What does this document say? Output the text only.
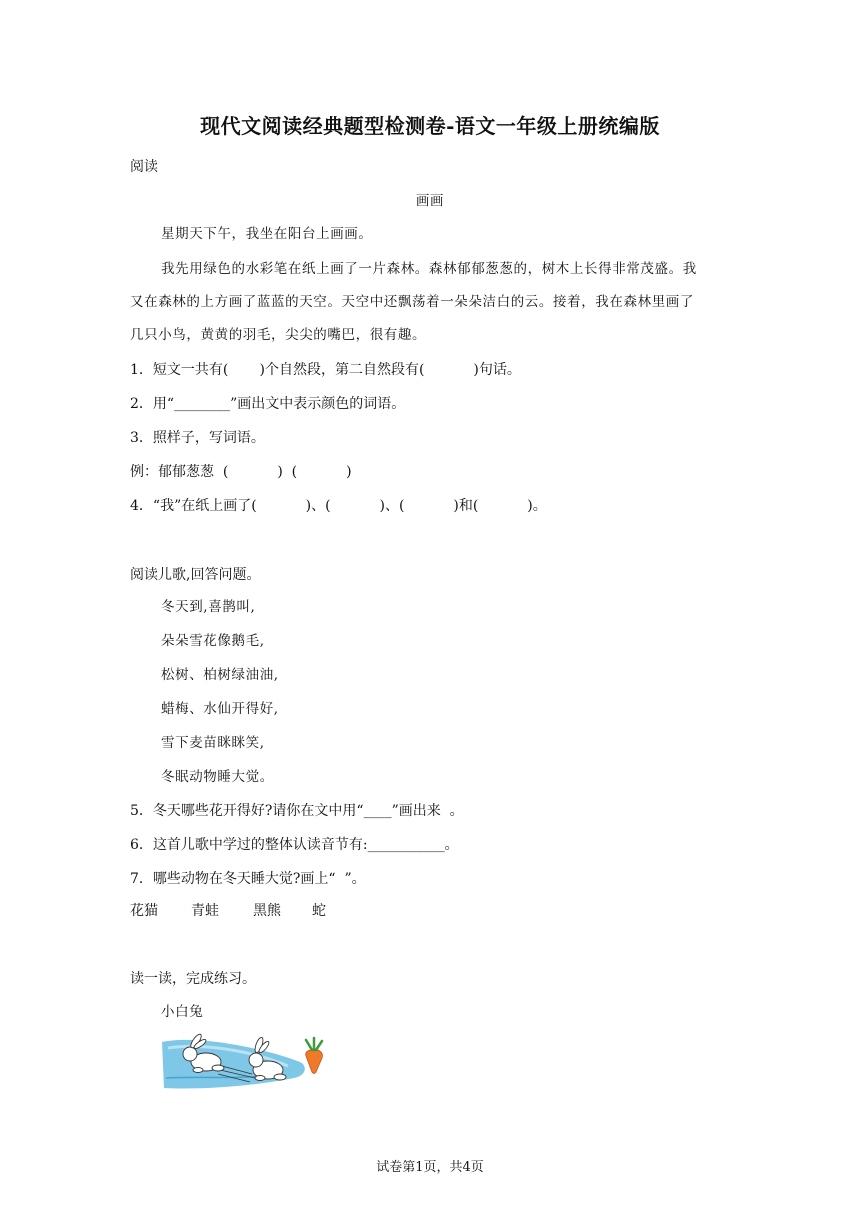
现代文阅读经典题型检测卷-语文一年级上册统编版
阅读
画画
星期天下午，我坐在阳台上画画。
我先用绿色的水彩笔在纸上画了一片森林。森林郁郁葱葱的，树木上长得非常茂盛。我
又在森林的上方画了蓝蓝的天空。天空中还飘荡着一朵朵洁白的云。接着，我在森林里画了
几只小鸟，黄黄的羽毛，尖尖的嘴巴，很有趣。
1．短文一共有(       )个自然段，第二自然段有(           )句话。
2．用“________”画出文中表示颜色的词语。
3．照样子，写词语。
例：郁郁葱葱  (           )  (           )
4．“我”在纸上画了(           )、(           )、(           )和(           )。
阅读儿歌,回答问题。
冬天到,喜鹊叫,
朵朵雪花像鹅毛,
松树、柏树绿油油,
蜡梅、水仙开得好,
雪下麦苗眯眯笑,
冬眠动物睡大觉。
5．冬天哪些花开得好?请你在文中用“____”画出来  。
6．这首儿歌中学过的整体认读音节有:___________。
7．哪些动物在冬天睡大觉?画上“  ”。
花猫 青蛙 黑熊 蛇
读一读，完成练习。
小白兔
试卷第1页，共4页
